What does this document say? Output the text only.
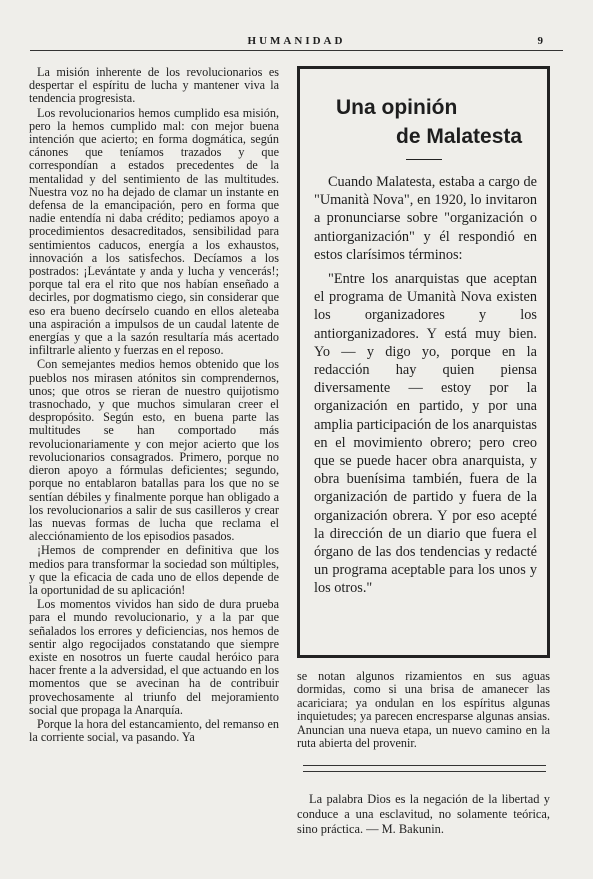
HUMANIDAD	9

La misión inherente de los revolucionarios es despertar el espíritu de lucha y mantener viva la tendencia progresista.

Los revolucionarios hemos cumplido esa misión, pero la hemos cumplido mal: con mejor buena intención que acierto; en forma dogmática, según cánones que teníamos trazados y que correspondían a estados precedentes de la mentalidad y del sentimiento de las multitudes. Nuestra voz no ha dejado de clamar un instante en defensa de la emancipación, pero en forma que nadie entendía ni daba crédito; pediamos apoyo a procedimientos desacreditados, sensibilidad para sentimientos caducos, energía a los exhaustos, innovación a los satisfechos. Decíamos a los postrados: ¡Levántate y anda y lucha y vencerás!; porque tal era el rito que nos habían enseñado a decirles, por dogmatismo ciego, sin considerar que eso era bueno decírselo cuando en ellos aleteaba una aspiración a impulsos de un caudal latente de energías y que a la sazón resultaría más acertado infiltrarle aliento y fuerzas en el reposo.

Con semejantes medios hemos obtenido que los pueblos nos mirasen atónitos sin comprendernos, unos; que otros se rieran de nuestro quijotismo trasnochado, y que muchos simularan creer el despropósito. Según esto, en buena parte las multitudes se han comportado más revolucionariamente y con mejor acierto que los revolucionarios consagrados. Primero, porque no dieron apoyo a fórmulas deficientes; segundo, porque no entablaron batallas para los que no se sentían débiles y finalmente porque han obligado a los revolucionarios a salir de sus casilleros y crear las nuevas formas de lucha que reclama el alecciónamiento de los episodios pasados.

¡Hemos de comprender en definitiva que los medios para transformar la sociedad son múltiples, y que la eficacia de cada uno de ellos depende de la oportunidad de su aplicación!

Los momentos vividos han sido de dura prueba para el mundo revolucionario, y a la par que señalados los errores y deficiencias, nos hemos de sentir algo regocijados constatando que siempre existe en nosotros un fuerte caudal heróico para hacer frente a la adversidad, el que actuando en los momentos que se avecinan ha de contribuir provechosamente al triunfo del mejoramiento social que propaga la Anarquía.

Porque la hora del estancamiento, del remanso en la corriente social, va pasando. Ya

Una opinión
de Malatesta

Cuando Malatesta, estaba a cargo de "Umanità Nova", en 1920, lo invitaron a pronunciarse sobre "organización o antiorganización" y él respondió en estos clarísimos términos:

"Entre los anarquistas que aceptan el programa de Umanità Nova existen los organizadores y los antiorganizadores. Y está muy bien. Yo — y digo yo, porque en la redacción hay quien piensa diversamente — estoy por la organización en partido, y por una amplia participación de los anarquistas en el movimiento obrero; pero creo que se puede hacer obra anarquista, y obra buenísima también, fuera de la organización de partido y fuera de la organización obrera. Y por eso acepté la dirección de un diario que fuera el órgano de las dos tendencias y redacté un programa aceptable para los unos y los otros."

se notan algunos rizamientos en sus aguas dormidas, como si una brisa de amanecer las acariciara; ya ondulan en los espíritus algunas inquietudes; ya parecen encresparse algunas ansias. Anuncian una nueva etapa, un nuevo camino en la ruta abierta del provenir.

La palabra Dios es la negación de la libertad y conduce a una esclavitud, no solamente teórica, sino práctica. — M. Bakunin.
